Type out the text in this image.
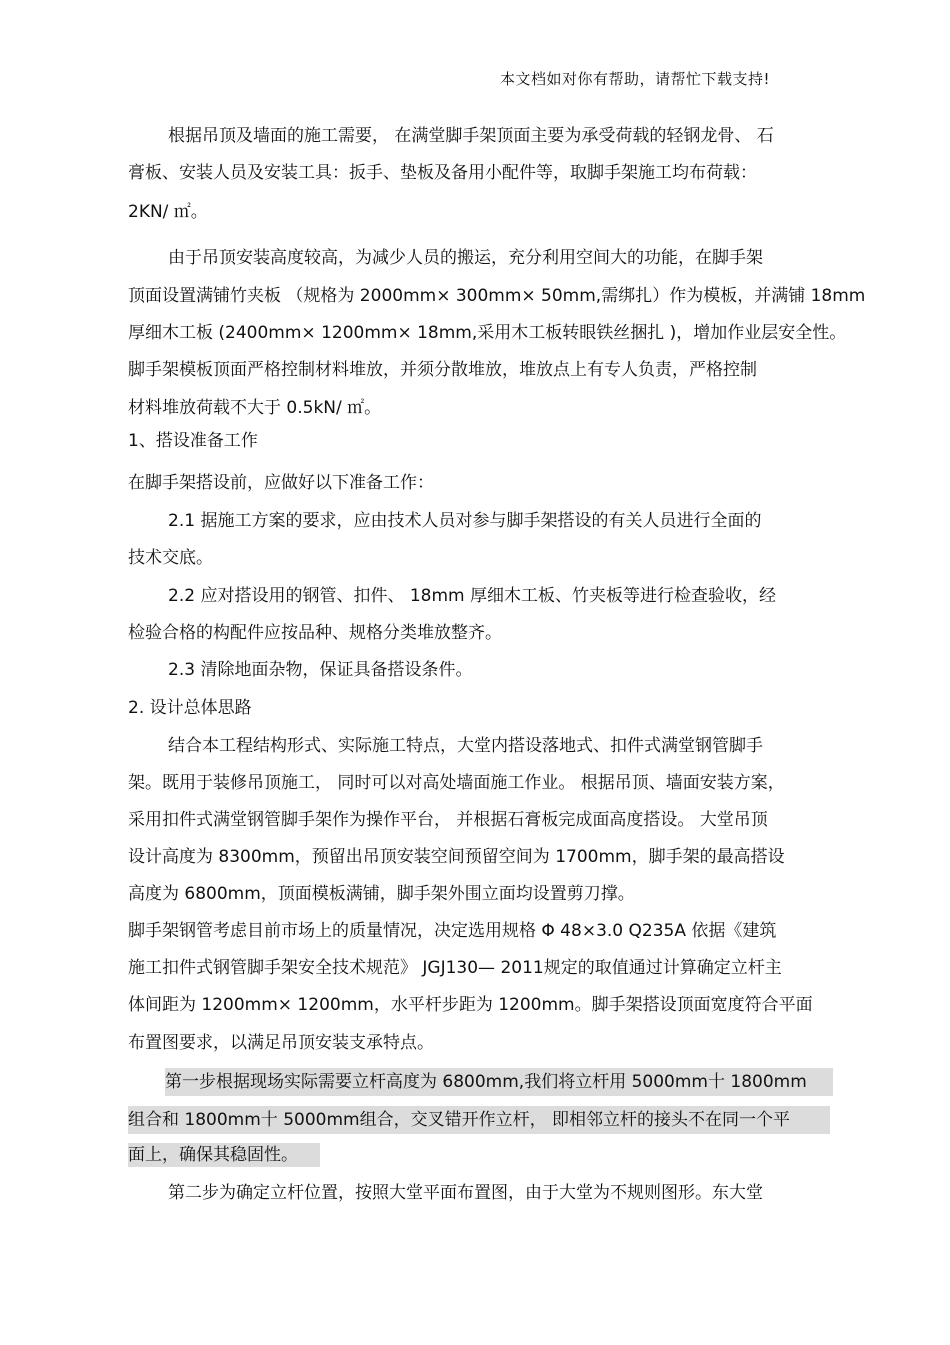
本文档如对你有帮助，请帮忙下载支持!
根据吊顶及墙面的施工需要， 在满堂脚手架顶面主要为承受荷载的轻钢龙骨、 石
膏板、安装人员及安装工具：扳手、垫板及备用小配件等，取脚手架施工均布荷载：
2KN/ ㎡。
由于吊顶安装高度较高，为减少人员的搬运，充分利用空间大的功能，在脚手架
顶面设置满铺竹夹板 （规格为 2000mm× 300mm× 50mm,需绑扎）作为模板，并满铺 18mm
厚细木工板 (2400mm× 1200mm× 18mm,采用木工板转眼铁丝捆扎 )，增加作业层安全性。
脚手架模板顶面严格控制材料堆放，并须分散堆放，堆放点上有专人负责，严格控制
材料堆放荷载不大于 0.5kN/ ㎡。
1、搭设准备工作
在脚手架搭设前，应做好以下准备工作：
2.1 据施工方案的要求，应由技术人员对参与脚手架搭设的有关人员进行全面的
技术交底。
2.2 应对搭设用的钢管、扣件、 18mm 厚细木工板、竹夹板等进行检查验收，经
检验合格的构配件应按品种、规格分类堆放整齐。
2.3 清除地面杂物，保证具备搭设条件。
2. 设计总体思路
结合本工程结构形式、实际施工特点，大堂内搭设落地式、扣件式满堂钢管脚手
架。既用于装修吊顶施工， 同时可以对高处墙面施工作业。 根据吊顶、墙面安装方案，
采用扣件式满堂钢管脚手架作为操作平台， 并根据石膏板完成面高度搭设。 大堂吊顶
设计高度为 8300mm，预留出吊顶安装空间预留空间为 1700mm，脚手架的最高搭设
高度为 6800mm，顶面模板满铺，脚手架外围立面均设置剪刀撑。
脚手架钢管考虑目前市场上的质量情况，决定选用规格 Φ 48×3.0 Q235A 依据《建筑
施工扣件式钢管脚手架安全技术规范》 JGJ130— 2011规定的取值通过计算确定立杆主
体间距为 1200mm× 1200mm，水平杆步距为 1200mm。脚手架搭设顶面宽度符合平面
布置图要求，以满足吊顶安装支承特点。
第一步根据现场实际需要立杆高度为 6800mm,我们将立杆用 5000mm十 1800mm
组合和 1800mm十 5000mm组合，交叉错开作立杆， 即相邻立杆的接头不在同一个平
面上，确保其稳固性。
第二步为确定立杆位置，按照大堂平面布置图，由于大堂为不规则图形。东大堂
